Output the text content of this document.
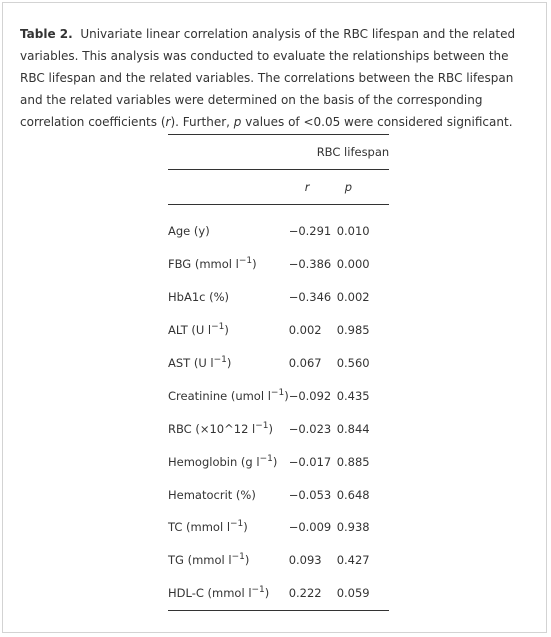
Table 2. Univariate linear correlation analysis of the RBC lifespan and the related variables. This analysis was conducted to evaluate the relationships between the RBC lifespan and the related variables. The correlations between the RBC lifespan and the related variables were determined on the basis of the corresponding correlation coefficients (r). Further, p values of <0.05 were considered significant.

	RBC lifespan	

	r	p

Age (y)	−0.291	0.010
FBG (mmol $l^{-1}$)	−0.386	0.000
HbA1c (%)	−0.346	0.002
ALT (U $l^{-1}$)	0.002	0.985
AST (U $l^{-1}$)	0.067	0.560
Creatinine (umol $l^{-1}$)	−0.092	0.435
RBC (×10^12 $l^{-1}$)	−0.023	0.844
Hemoglobin (g $l^{-1}$)	−0.017	0.885
Hematocrit (%)	−0.053	0.648
TC (mmol $l^{-1}$)	−0.009	0.938
TG (mmol $l^{-1}$)	0.093	0.427
HDL-C (mmol $l^{-1}$)	0.222	0.059
